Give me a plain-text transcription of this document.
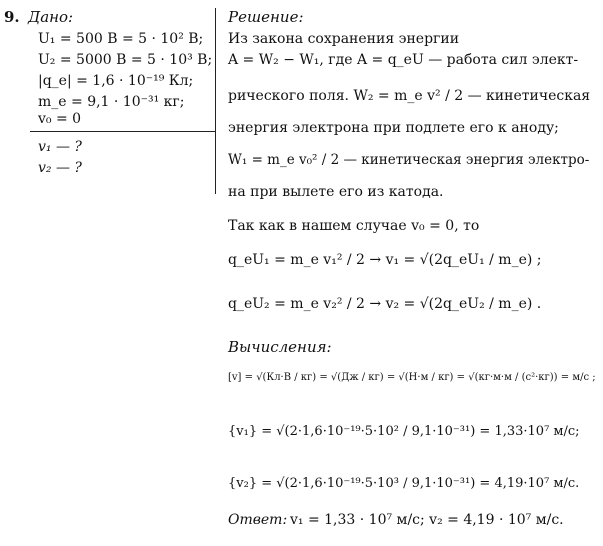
9. Дано:
U₁ = 500 В = 5 · 10² В;
U₂ = 5000 В = 5 · 10³ В;
|q_e| = 1,6 · 10⁻¹⁹ Кл;
m_e = 9,1 · 10⁻³¹ кг;
v₀ = 0
v₁ — ?
v₂ — ?
Решение:
Из закона сохранения энергии
A = W₂ − W₁, где A = q_eU — работа сил элект-
рического поля. W₂ = m_e v² / 2 — кинетическая
энергия электрона при подлете его к аноду;
W₁ = m_e v₀² / 2 — кинетическая энергия электро-
на при вылете его из катода.
Так как в нашем случае v₀ = 0, то
q_eU₁ = m_e v₁² / 2 → v₁ = √(2q_eU₁ / m_e) ;
q_eU₂ = m_e v₂² / 2 → v₂ = √(2q_eU₂ / m_e) .
Вычисления:
[v] = √(Кл·В / кг) = √(Дж / кг) = √(Н·м / кг) = √(кг·м·м / (с²·кг)) = м/с ;
{v₁} = √(2·1,6·10⁻¹⁹·5·10² / 9,1·10⁻³¹) = 1,33·10⁷ м/с;
{v₂} = √(2·1,6·10⁻¹⁹·5·10³ / 9,1·10⁻³¹) = 4,19·10⁷ м/с.
Ответ: v₁ = 1,33 · 10⁷ м/с; v₂ = 4,19 · 10⁷ м/с.
